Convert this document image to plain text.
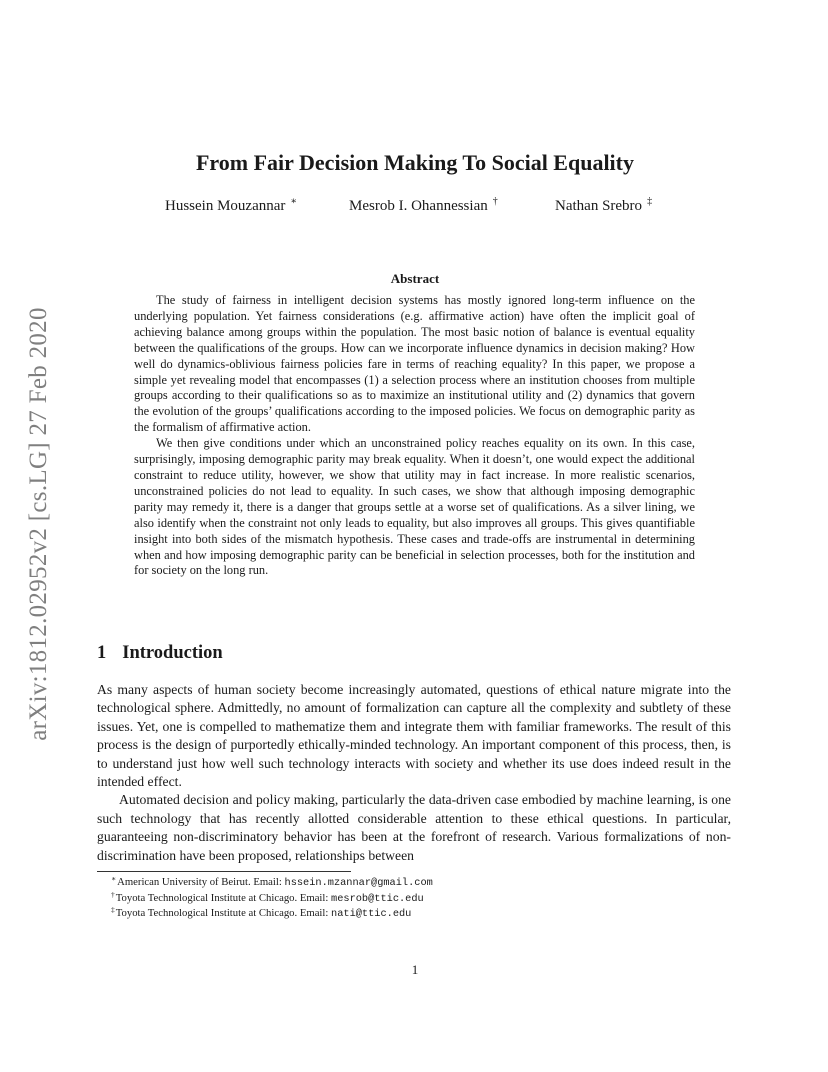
arXiv:1812.02952v2 [cs.LG] 27 Feb 2020
From Fair Decision Making To Social Equality
Hussein Mouzannar ∗	Mesrob I. Ohannessian †	Nathan Srebro ‡
Abstract

The study of fairness in intelligent decision systems has mostly ignored long-term influence on the underlying population. Yet fairness considerations (e.g. affirmative action) have often the implicit goal of achieving balance among groups within the population. The most basic notion of balance is eventual equality between the qualifications of the groups. How can we incorporate influence dynamics in decision making? How well do dynamics-oblivious fairness policies fare in terms of reaching equality? In this paper, we propose a simple yet revealing model that encompasses (1) a selection process where an institution chooses from multiple groups according to their qualifications so as to maximize an institutional utility and (2) dynamics that govern the evolution of the groups’ qualifications according to the imposed policies. We focus on demographic parity as the formalism of affirmative action.

We then give conditions under which an unconstrained policy reaches equality on its own. In this case, surprisingly, imposing demographic parity may break equality. When it doesn’t, one would expect the additional constraint to reduce utility, however, we show that utility may in fact increase. In more realistic scenarios, unconstrained policies do not lead to equality. In such cases, we show that although imposing demographic parity may remedy it, there is a danger that groups settle at a worse set of qualifications. As a silver lining, we also identify when the constraint not only leads to equality, but also improves all groups. This gives quantifiable insight into both sides of the mismatch hypothesis. These cases and trade-offs are instrumental in determining when and how imposing demographic parity can be beneficial in selection processes, both for the institution and for society on the long run.

1 Introduction

As many aspects of human society become increasingly automated, questions of ethical nature migrate into the technological sphere. Admittedly, no amount of formalization can capture all the complexity and subtlety of these issues. Yet, one is compelled to mathematize them and integrate them with familiar frameworks. The result of this process is the design of purportedly ethically-minded technology. An important component of this process, then, is to understand just how well such technology interacts with society and whether its use does indeed result in the intended effect.

Automated decision and policy making, particularly the data-driven case embodied by machine learning, is one such technology that has recently allotted considerable attention to these ethical questions. In particular, guaranteeing non-discriminatory behavior has been at the forefront of research. Various formalizations of non-discrimination have been proposed, relationships between

∗American University of Beirut. Email: hssein.mzannar@gmail.com
†Toyota Technological Institute at Chicago. Email: mesrob@ttic.edu
‡Toyota Technological Institute at Chicago. Email: nati@ttic.edu
1
